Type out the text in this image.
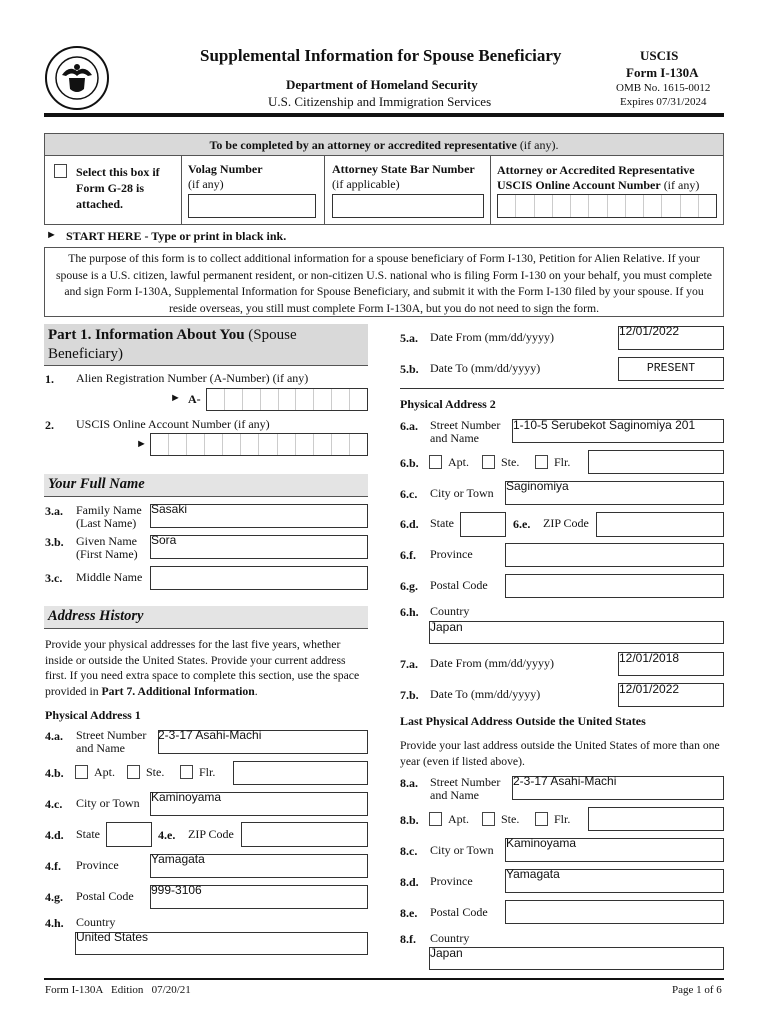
Supplemental Information for Spouse Beneficiary
Department of Homeland Security
U.S. Citizenship and Immigration Services
USCIS
Form I-130A
OMB No. 1615-0012
Expires 07/31/2024
To be completed by an attorney or accredited representative (if any).
Select this box if Form G-28 is attached.
Volag Number
(if any)
Attorney State Bar Number
(if applicable)
Attorney or Accredited Representative USCIS Online Account Number (if any)
► START HERE - Type or print in black ink.
The purpose of this form is to collect additional information for a spouse beneficiary of Form I-130, Petition for Alien Relative. If your spouse is a U.S. citizen, lawful permanent resident, or non-citizen U.S. national who is filing Form I-130 on your behalf, you must complete and sign Form I-130A, Supplemental Information for Spouse Beneficiary, and submit it with the Form I-130 filed by your spouse. If you reside overseas, you still must complete Form I-130A, but you do not need to sign the form.
Part 1. Information About You (Spouse Beneficiary)
1. Alien Registration Number (A-Number) (if any)
► A-
2. USCIS Online Account Number (if any)
►
Your Full Name
3.a. Family Name (Last Name)
Sasaki
3.b. Given Name (First Name)
Sora
3.c. Middle Name
Address History
Provide your physical addresses for the last five years, whether inside or outside the United States. Provide your current address first. If you need extra space to complete this section, use the space provided in Part 7. Additional Information.
Physical Address 1
4.a. Street Number and Name
2-3-17 Asahi-Machi
4.b.	Apt.	Ste.	Flr.
4.c. City or Town Kaminoyama
4.d. State	4.e. ZIP Code
4.f. Province	Yamagata
4.g. Postal Code 999-3106
4.h. Country
United States
5.a. Date From (mm/dd/yyyy)	12/01/2022
5.b. Date To (mm/dd/yyyy)	PRESENT
Physical Address 2
6.a. Street Number and Name
1-10-5 Serubekot Saginomiya 201
6.b. Apt.	Ste.	Flr.
6.c. City or Town Saginomiya
6.d. State	6.e. ZIP Code
6.f. Province
6.g. Postal Code
6.h. Country
Japan
7.a. Date From (mm/dd/yyyy)	12/01/2018
7.b. Date To (mm/dd/yyyy)	12/01/2022
Last Physical Address Outside the United States
Provide your last address outside the United States of more than one year (even if listed above).
8.a. Street Number and Name
2-3-17 Asahi-Machi
8.b. Apt.	Ste.	Flr.
8.c. City or Town Kaminoyama
8.d. Province	Yamagata
8.e. Postal Code
8.f. Country
Japan
Form I-130A   Edition   07/20/21	Page 1 of 6
